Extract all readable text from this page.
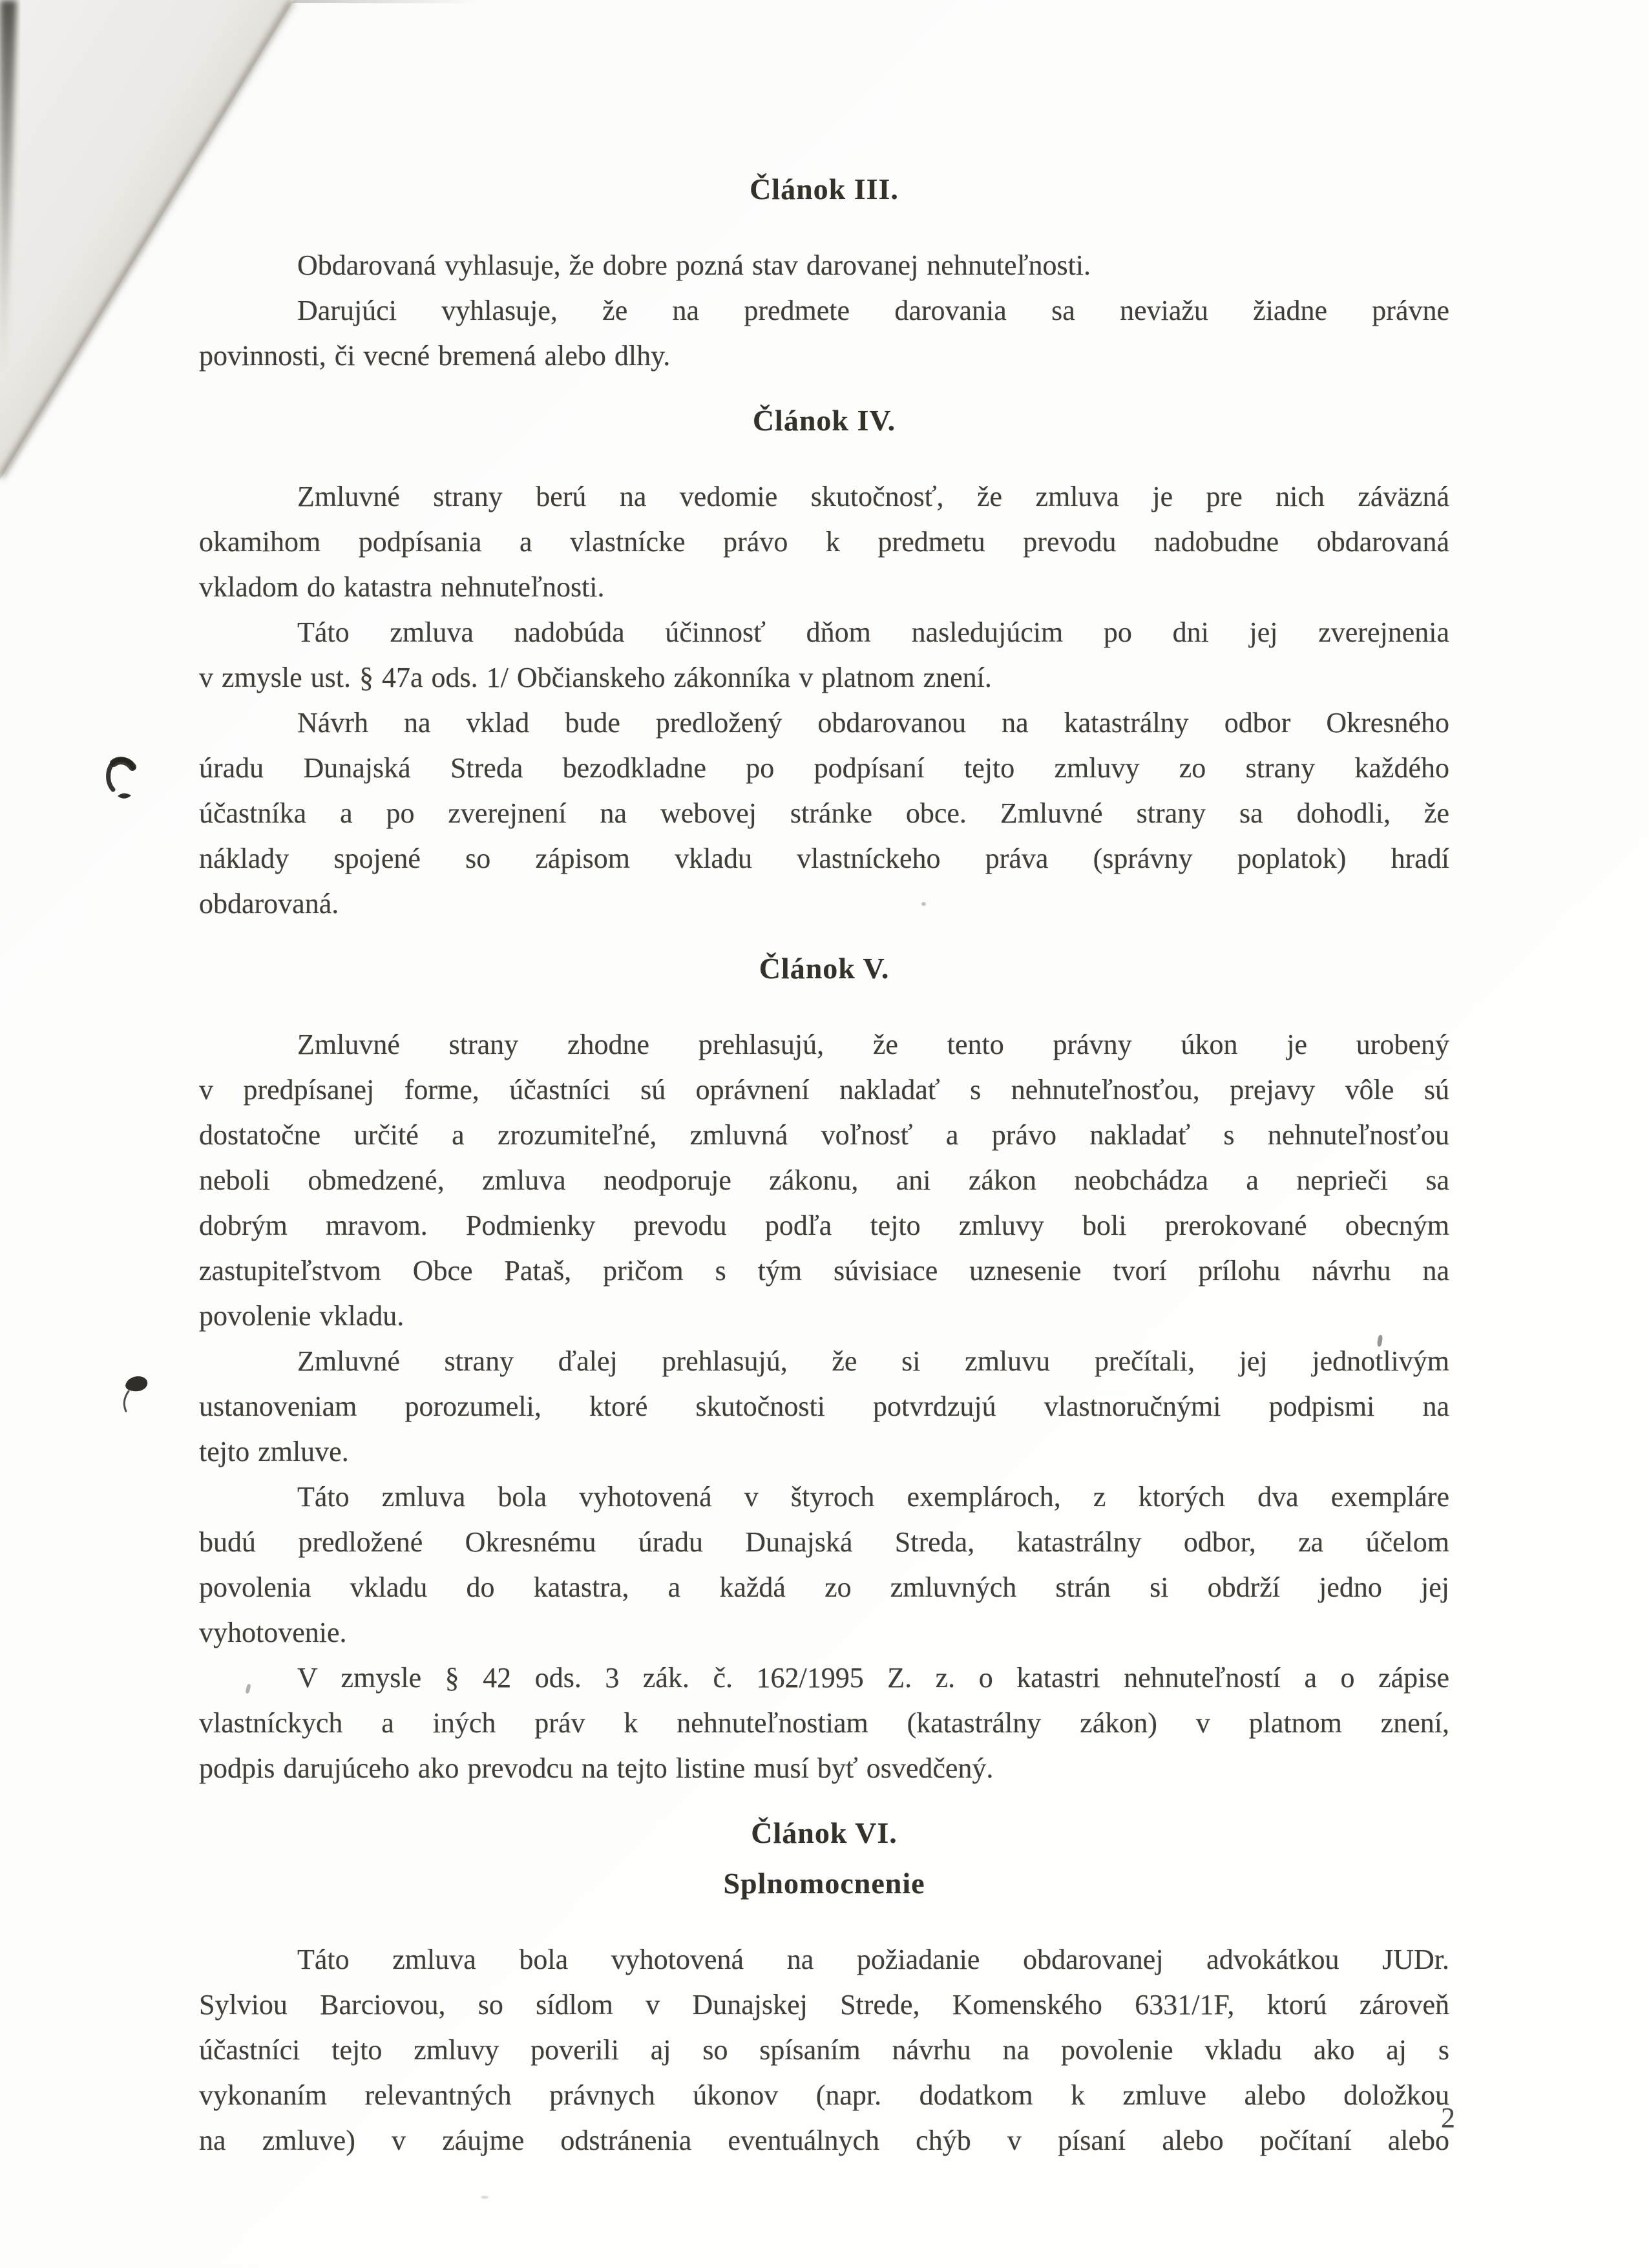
Článok III.
Obdarovaná vyhlasuje, že dobre pozná stav darovanej nehnuteľnosti.
Darujúci vyhlasuje, že na predmete darovania sa neviažu žiadne právne
povinnosti, či vecné bremená alebo dlhy.
Článok IV.
Zmluvné strany berú na vedomie skutočnosť, že zmluva je pre nich záväzná
okamihom podpísania a vlastnícke právo k predmetu prevodu nadobudne obdarovaná
vkladom do katastra nehnuteľnosti.
Táto zmluva nadobúda účinnosť dňom nasledujúcim po dni jej zverejnenia
v zmysle ust. § 47a ods. 1/ Občianskeho zákonníka v platnom znení.
Návrh na vklad bude predložený obdarovanou na katastrálny odbor Okresného
úradu Dunajská Streda bezodkladne po podpísaní tejto zmluvy zo strany každého
účastníka a po zverejnení na webovej stránke obce. Zmluvné strany sa dohodli, že
náklady spojené so zápisom vkladu vlastníckeho práva (správny poplatok) hradí
obdarovaná.
Článok V.
Zmluvné strany zhodne prehlasujú, že tento právny úkon je urobený
v predpísanej forme, účastníci sú oprávnení nakladať s nehnuteľnosťou, prejavy vôle sú
dostatočne určité a zrozumiteľné, zmluvná voľnosť a právo nakladať s nehnuteľnosťou
neboli obmedzené, zmluva neodporuje zákonu, ani zákon neobchádza a neprieči sa
dobrým mravom. Podmienky prevodu podľa tejto zmluvy boli prerokované obecným
zastupiteľstvom Obce Pataš, pričom s tým súvisiace uznesenie tvorí prílohu návrhu na
povolenie vkladu.
Zmluvné strany ďalej prehlasujú, že si zmluvu prečítali, jej jednotlivým
ustanoveniam porozumeli, ktoré skutočnosti potvrdzujú vlastnoručnými podpismi na
tejto zmluve.
Táto zmluva bola vyhotovená v štyroch exemplároch, z ktorých dva exempláre
budú predložené Okresnému úradu Dunajská Streda, katastrálny odbor, za účelom
povolenia vkladu do katastra, a každá zo zmluvných strán si obdrží jedno jej
vyhotovenie.
V zmysle § 42 ods. 3 zák. č. 162/1995 Z. z. o katastri nehnuteľností a o zápise
vlastníckych a iných práv k nehnuteľnostiam (katastrálny zákon) v platnom znení,
podpis darujúceho ako prevodcu na tejto listine musí byť osvedčený.
Článok VI.
Splnomocnenie
Táto zmluva bola vyhotovená na požiadanie obdarovanej advokátkou JUDr.
Sylviou Barciovou, so sídlom v Dunajskej Strede, Komenského 6331/1F, ktorú zároveň
účastníci tejto zmluvy poverili aj so spísaním návrhu na povolenie vkladu ako aj s
vykonaním relevantných právnych úkonov (napr. dodatkom k zmluve alebo doložkou
na zmluve) v záujme odstránenia eventuálnych chýb v písaní alebo počítaní alebo
2
